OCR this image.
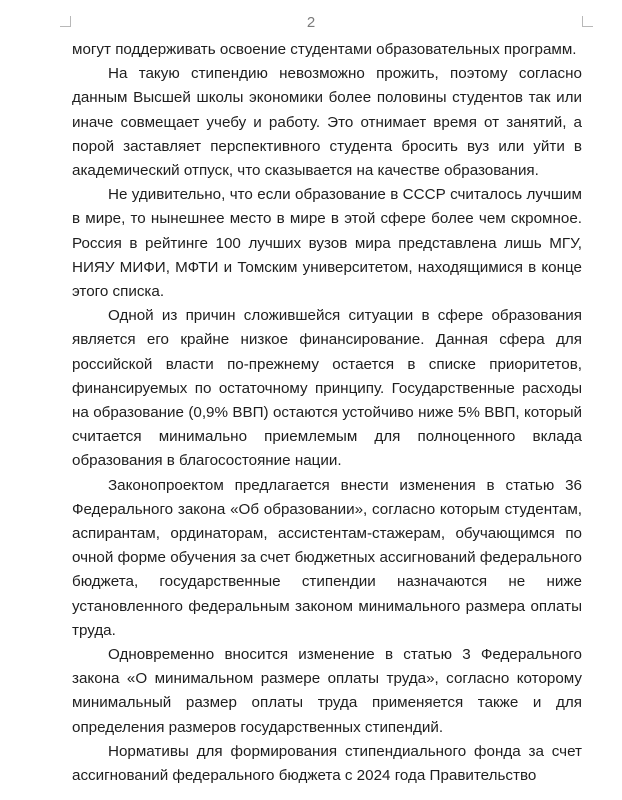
2

могут поддерживать освоение студентами образовательных программ.

На такую стипендию невозможно прожить, поэтому согласно данным Высшей школы экономики более половины студентов так или иначе совмещает учебу и работу. Это отнимает время от занятий, а порой заставляет перспективного студента бросить вуз или уйти в академический отпуск, что сказывается на качестве образования.

Не удивительно, что если образование в СССР считалось лучшим в мире, то нынешнее место в мире в этой сфере более чем скромное. Россия в рейтинге 100 лучших вузов мира представлена лишь МГУ, НИЯУ МИФИ, МФТИ и Томским университетом, находящимися в конце этого списка.

Одной из причин сложившейся ситуации в сфере образования является его крайне низкое финансирование. Данная сфера для российской власти по-прежнему остается в списке приоритетов, финансируемых по остаточному принципу. Государственные расходы на образование (0,9% ВВП) остаются устойчиво ниже 5% ВВП, который считается минимально приемлемым для полноценного вклада образования в благосостояние нации.

Законопроектом предлагается внести изменения в статью 36 Федерального закона «Об образовании», согласно которым студентам, аспирантам, ординаторам, ассистентам-стажерам, обучающимся по очной форме обучения за счет бюджетных ассигнований федерального бюджета, государственные стипендии назначаются не ниже установленного федеральным законом минимального размера оплаты труда.

Одновременно вносится изменение в статью 3 Федерального закона «О минимальном размере оплаты труда», согласно которому минимальный размер оплаты труда применяется также и для определения размеров государственных стипендий.

Нормативы для формирования стипендиального фонда за счет ассигнований федерального бюджета с 2024 года Правительство
